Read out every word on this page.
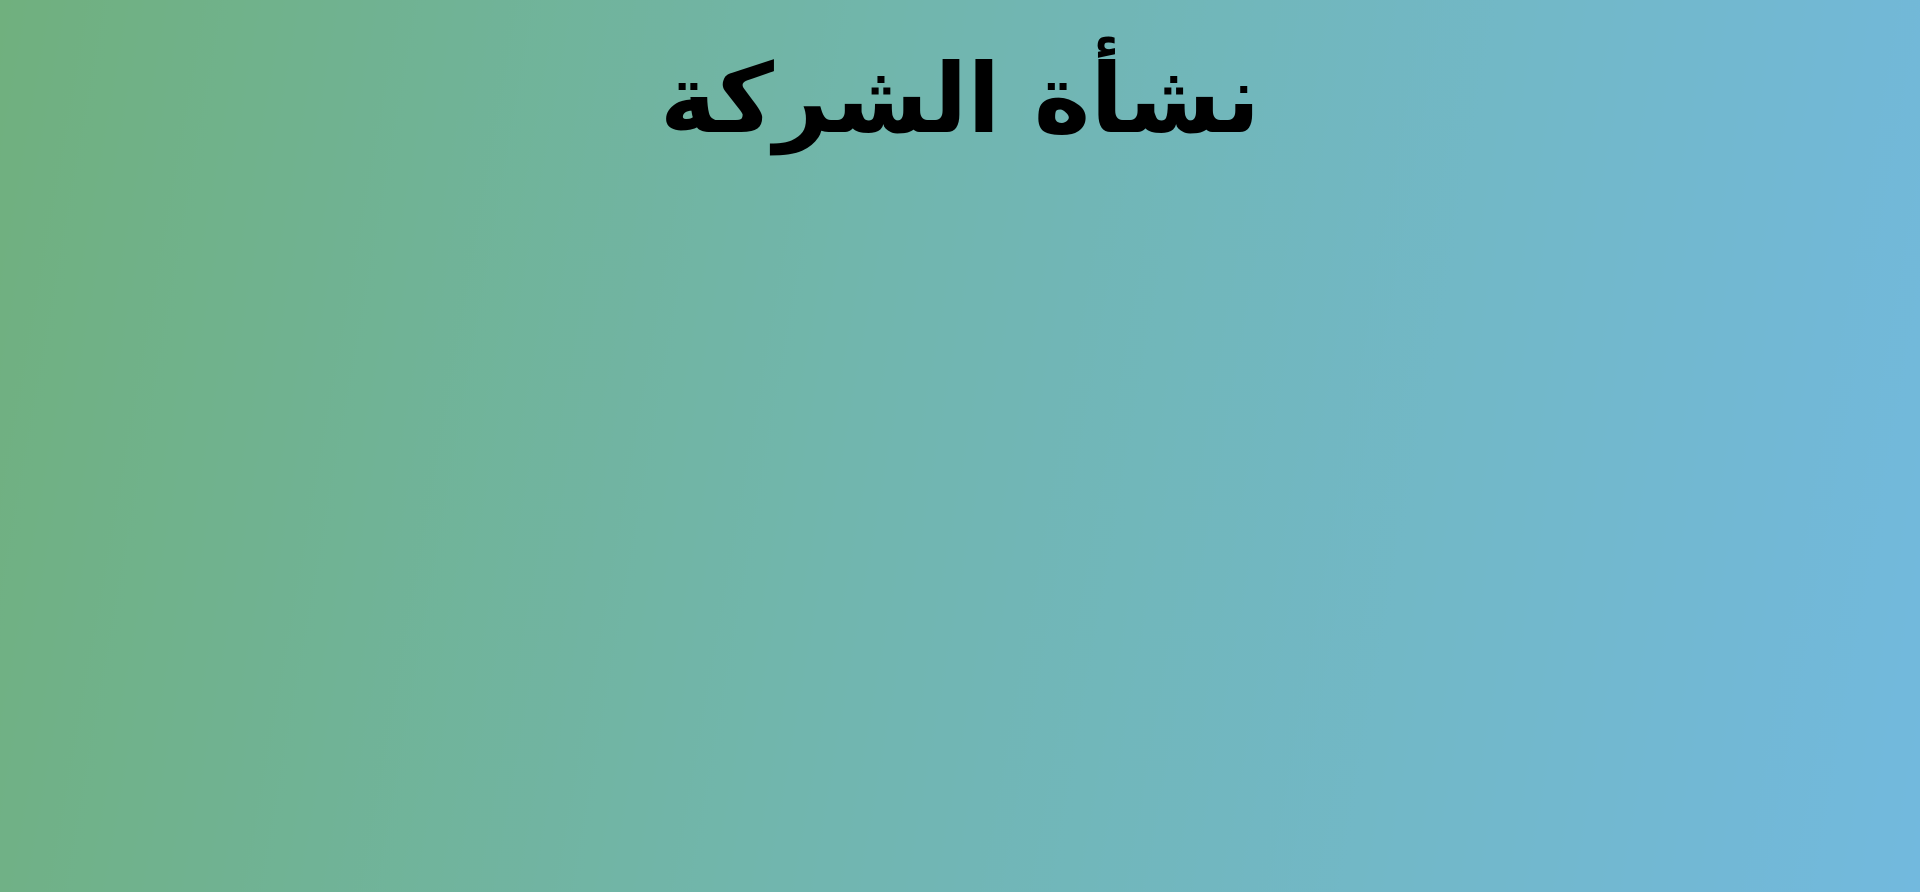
نشأة الشركة
